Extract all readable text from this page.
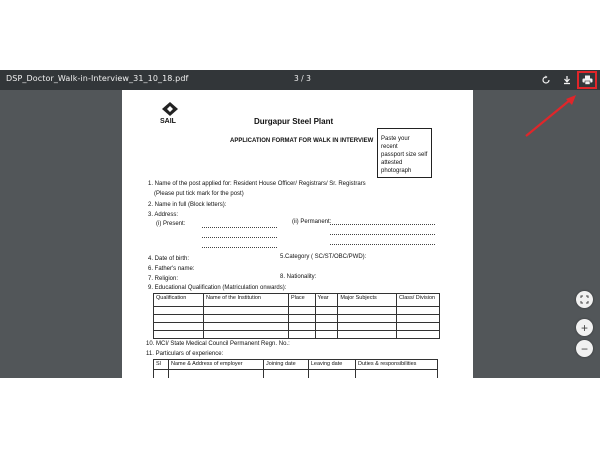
DSP_Doctor_Walk-in-Interview_31_10_18.pdf	3 / 3
SAIL	Durgapur Steel Plant
APPLICATION FORMAT FOR WALK IN INTERVIEW Paste your recent
passport size self
attested
photograph
1. Name of the post applied for: Resident House Officer/ Registrars/ Sr. Registrars
(Please put tick mark for the post)
2. Name in full (Block letters):
3. Address:
(i) Present:	(ii) Permanent:
4. Date of birth:	5.Category ( SC/ST/OBC/PWD):
6. Father's name:
7. Religion:	8. Nationality:
9. Educational Qualification (Matriculation onwards):
Qualification	Name of the Institution	Place	Year	Major Subjects	Class/ Division

10. MCI/ State Medical Council Permanent Regn. No.:
11. Particulars of experience:
Sl	Name & Address of employer	Joining date	Leaving date	Duties & responsibilities

+
−
